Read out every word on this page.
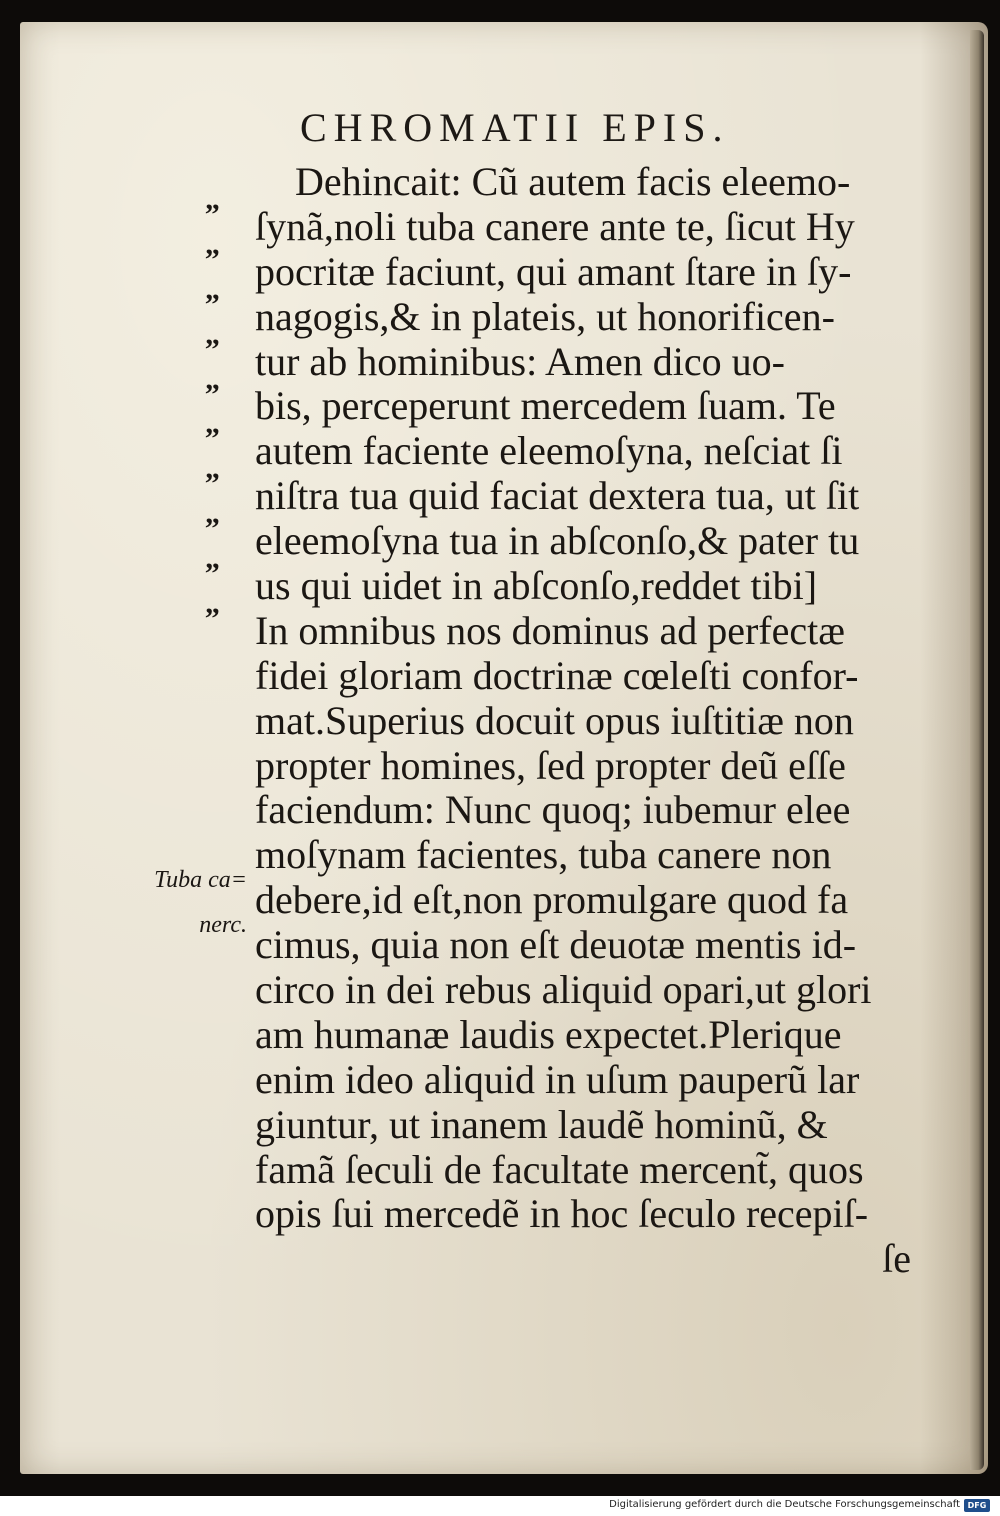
CHROMATII EPIS.
„
„
„
„
„
„
„
„
„
„
Dehincait: Cũ autem facis eleemo-
ſynã,noli tuba canere ante te, ſicut Hy
pocritæ faciunt, qui amant ſtare in ſy-
nagogis,& in plateis, ut honorificen-
tur ab hominibus: Amen dico uo-
bis, perceperunt mercedem ſuam. Te
autem faciente eleemoſyna, neſciat ſi
niſtra tua quid faciat dextera tua, ut ſit
eleemoſyna tua in abſconſo,& pater tu
us qui uidet in abſconſo,reddet tibi]
In omnibus nos dominus ad perfectæ
fidei gloriam doctrinæ cœleſti confor-
mat.Superius docuit opus iuſtitiæ non
propter homines, ſed propter deũ eſſe
faciendum: Nunc quoq; iubemur elee
moſynam facientes, tuba canere non
debere,id eſt,non promulgare quod fa
cimus, quia non eſt deuotæ mentis id-
circo in dei rebus aliquid opari,ut glori
am humanæ laudis expectet.Plerique
enim ideo aliquid in uſum pauperũ lar
giuntur, ut inanem laudẽ hominũ, &
famã ſeculi de facultate mercent̃, quos
opis ſui mercedẽ in hoc ſeculo recepiſ-
ſe
Tuba ca=
nerc.
Digitalisierung gefördert durch die Deutsche Forschungsgemeinschaft DFG
